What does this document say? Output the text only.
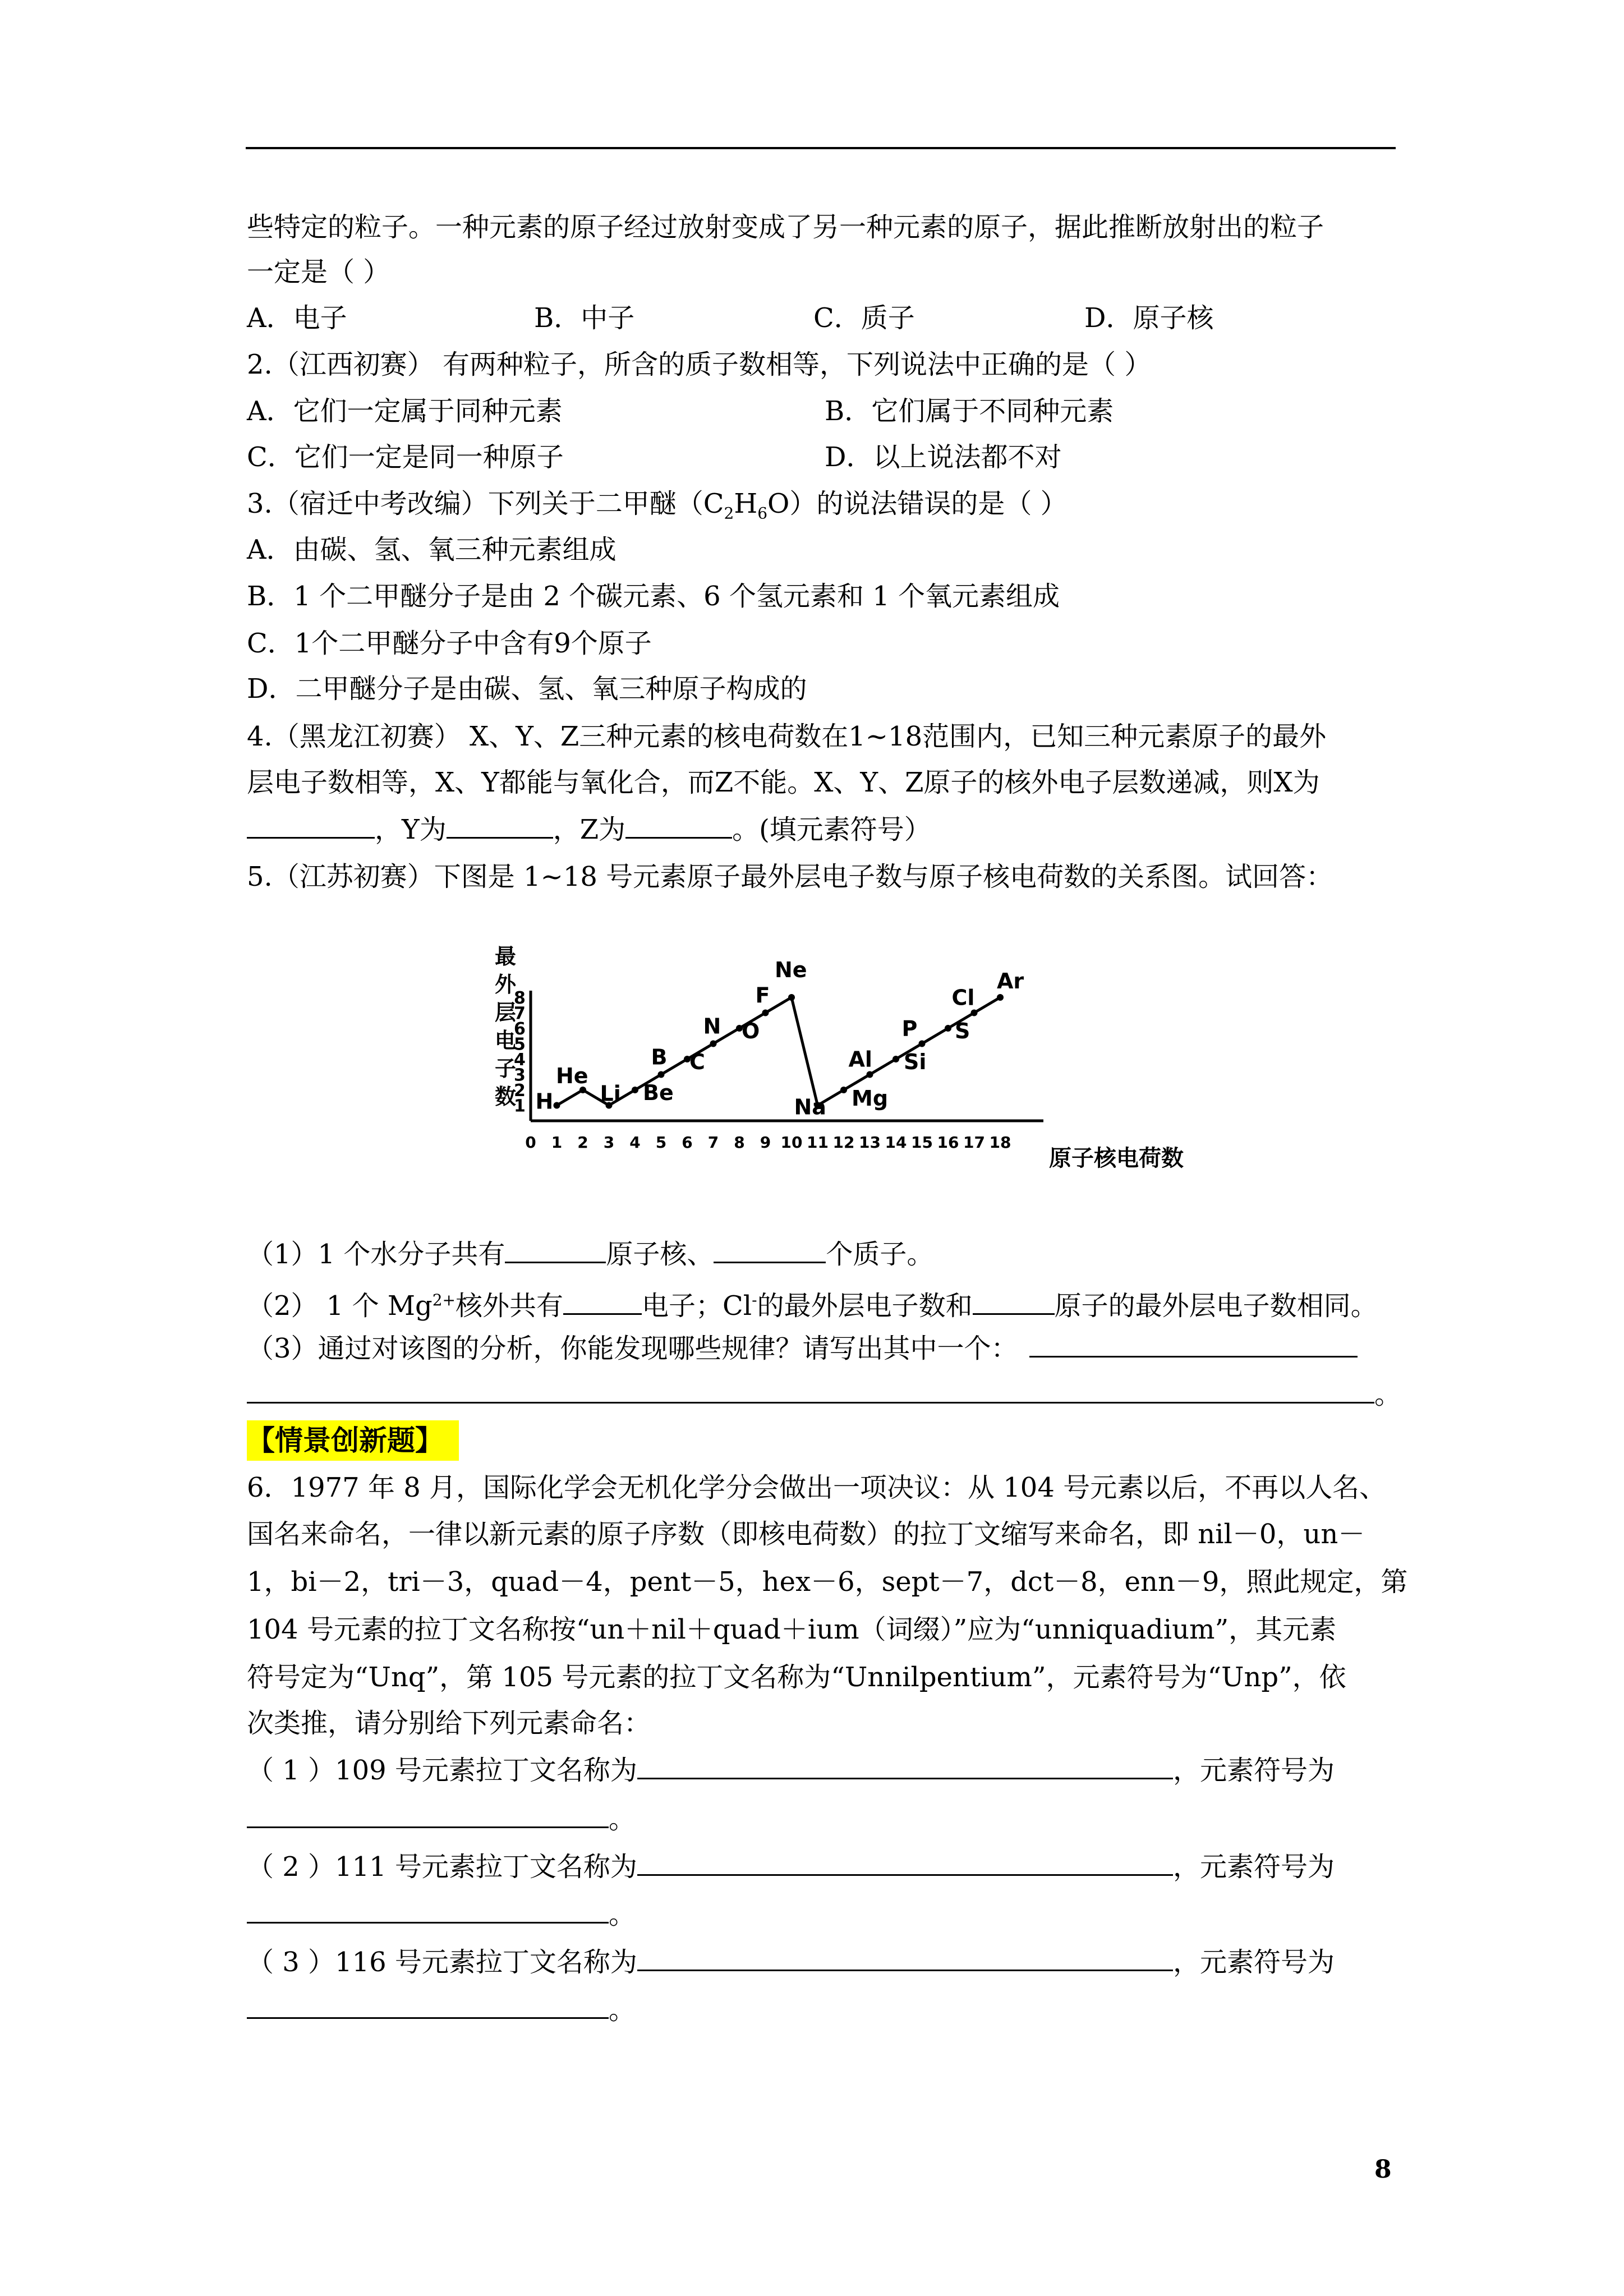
些特定的粒子。一种元素的原子经过放射变成了另一种元素的原子，据此推断放射出的粒子
一定是（ ）
A．电子	B．中子	C．质子	D．原子核
2.（江西初赛） 有两种粒子，所含的质子数相等，下列说法中正确的是（ ）
A．它们一定属于同种元素	B．它们属于不同种元素
C．它们一定是同一种原子	D．以上说法都不对
3.（宿迁中考改编）下列关于二甲醚$(C_2H_6O)$的说法错误的是（ ）
A．由碳、氢、氧三种元素组成
B．1 个二甲醚分子是由 2 个碳元素、6 个氢元素和 1 个氧元素组成
C．1个二甲醚分子中含有9个原子
D．二甲醚分子是由碳、氢、氧三种原子构成的
4.（黑龙江初赛） X、Y、Z三种元素的核电荷数在1~18范围内，已知三种元素原子的最外
层电子数相等，X、Y都能与氧化合，而Z不能。X、Y、Z原子的核外电子层数递减，则X为
，Y为	，Z为	。(填元素符号）
5.（江苏初赛）下图是 1~18 号元素原子最外层电子数与原子核电荷数的关系图。试回答：
最
外
层
电
子
数
1
2
3
4
5
6
7
8
0 1 2 3 4 5 6 7 8 9 10 11 12 13 14 15 16 17 18
H
He
Li Be
B C
N O
F
Ne
Na Mg
Al Si
P S
Cl
Ar
原子核电荷数
（1）1 个水分子共有	原子核、	个质子。
（2） 1 个 $Mg^{2+}$核外共有	电子；Cl-的最外层电子数和	原子的最外层电子数相同。
（3）通过对该图的分析，你能发现哪些规律？请写出其中一个：
。
【情景创新题】
6．1977 年 8 月，国际化学会无机化学分会做出一项决议：从 104 号元素以后，不再以人名、
国名来命名，一律以新元素的原子序数（即核电荷数）的拉丁文缩写来命名，即 nil－0，un－
1，bi－2，tri－3，quad－4，pent－5，hex－6，sept－7，dct－8，enn－9，照此规定，第
104 号元素的拉丁文名称按“un＋nil＋quad＋ium（词缀）”应为“unniquadium”，其元素
符号定为“Unq”，第 105 号元素的拉丁文名称为“Unnilpentium”，元素符号为“Unp”，依
次类推，请分别给下列元素命名：
（ 1 ）109 号元素拉丁文名称为	，元素符号为
。
（ 2 ）111 号元素拉丁文名称为	，元素符号为
。
（ 3 ）116 号元素拉丁文名称为	，元素符号为
。
8
